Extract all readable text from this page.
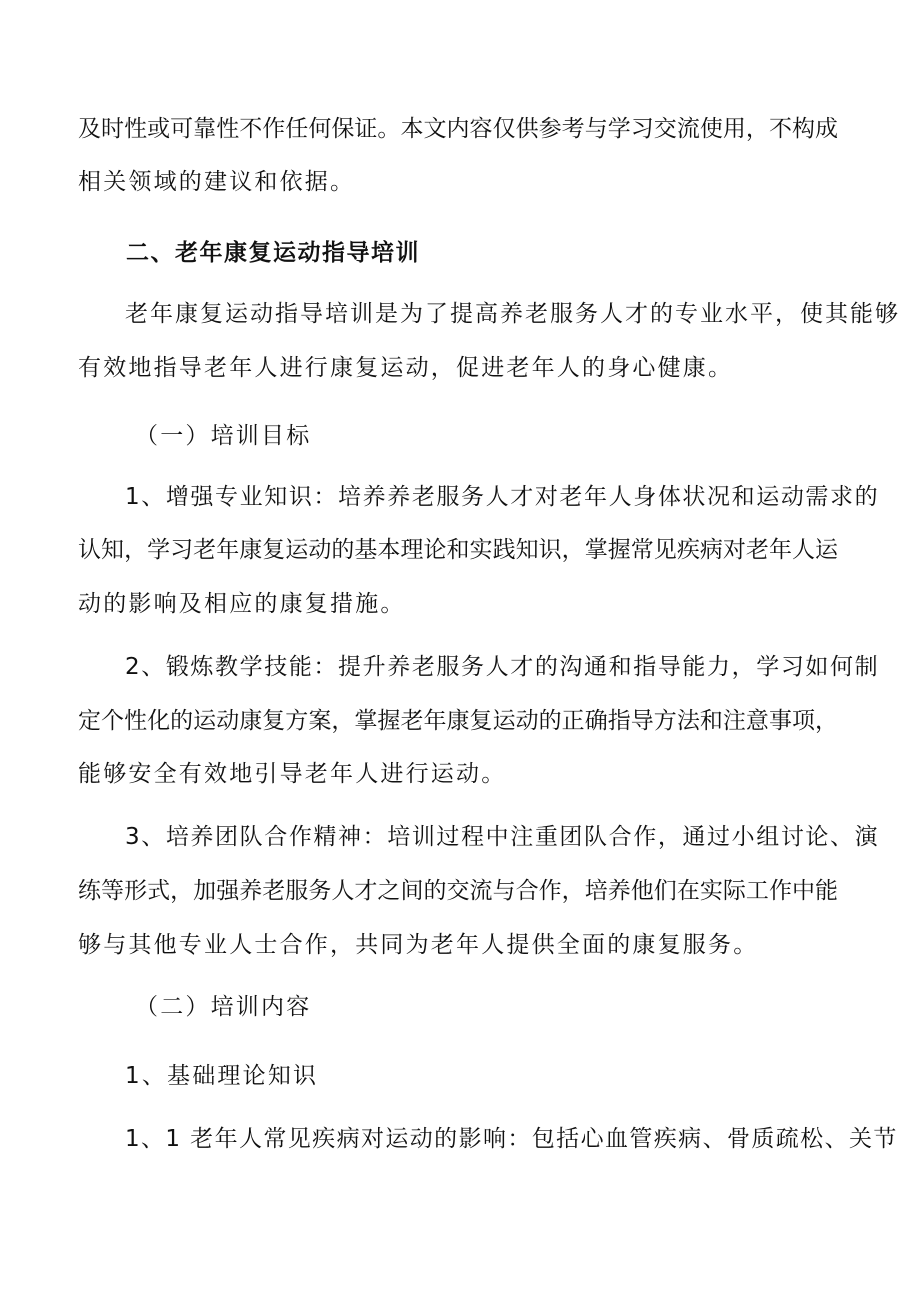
及时性或可靠性不作任何保证。本文内容仅供参考与学习交流使用，不构成
相关领域的建议和依据。
二、老年康复运动指导培训
老年康复运动指导培训是为了提高养老服务人才的专业水平，使其能够
有效地指导老年人进行康复运动，促进老年人的身心健康。
（一）培训目标
1、增强专业知识：培养养老服务人才对老年人身体状况和运动需求的
认知，学习老年康复运动的基本理论和实践知识，掌握常见疾病对老年人运
动的影响及相应的康复措施。
2、锻炼教学技能：提升养老服务人才的沟通和指导能力，学习如何制
定个性化的运动康复方案，掌握老年康复运动的正确指导方法和注意事项，
能够安全有效地引导老年人进行运动。
3、培养团队合作精神：培训过程中注重团队合作，通过小组讨论、演
练等形式，加强养老服务人才之间的交流与合作，培养他们在实际工作中能
够与其他专业人士合作，共同为老年人提供全面的康复服务。
（二）培训内容
1、基础理论知识
1、1 老年人常见疾病对运动的影响：包括心血管疾病、骨质疏松、关节
